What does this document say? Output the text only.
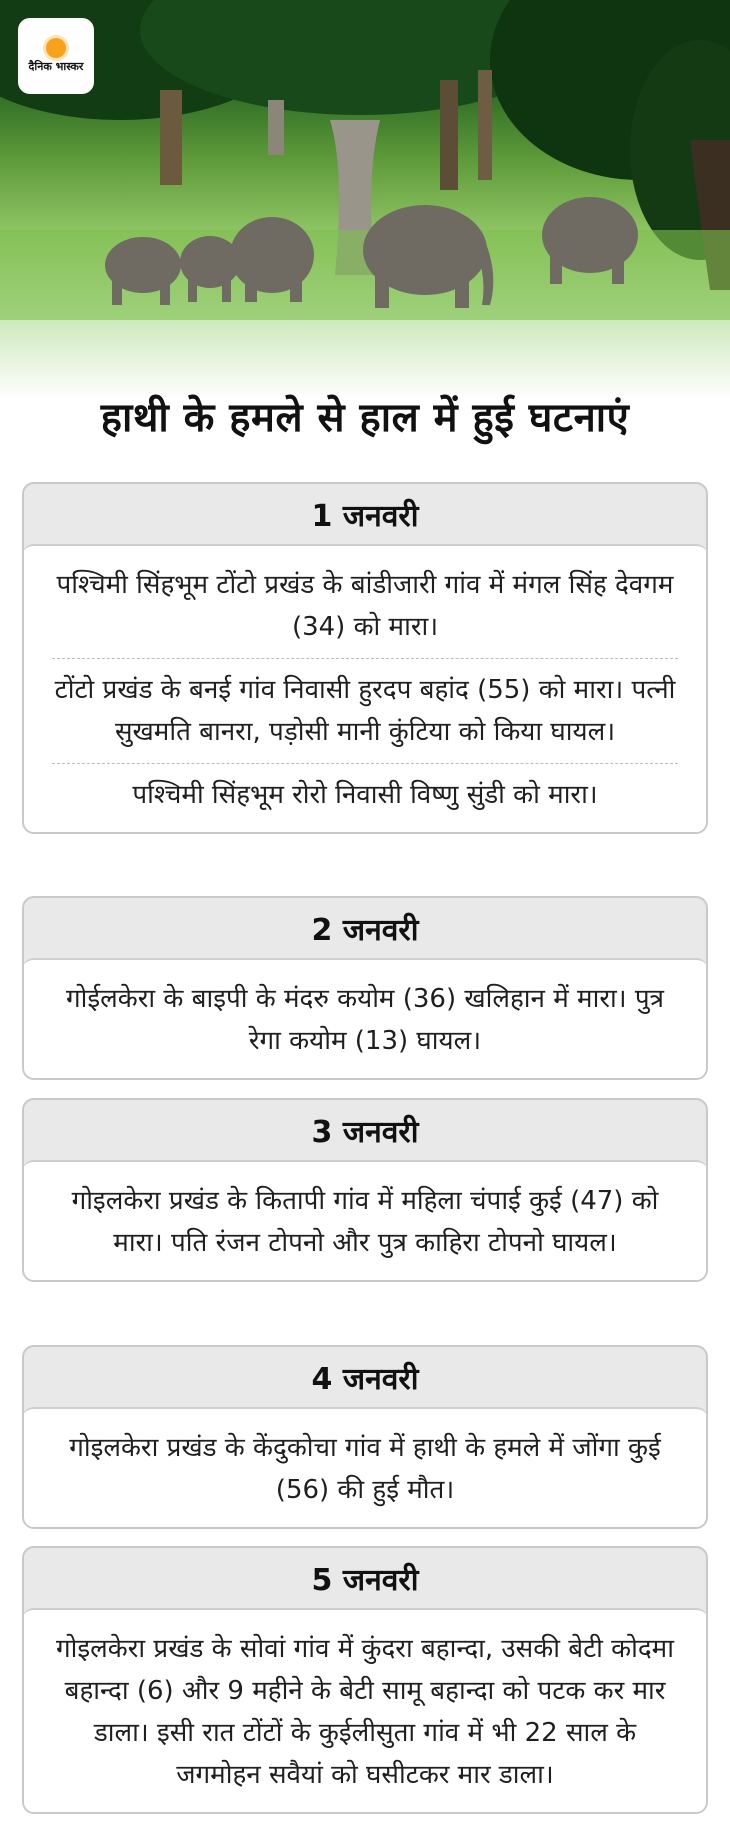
दैनिक भास्कर
हाथी के हमले से हाल में हुई घटनाएं
1 जनवरी
पश्चिमी सिंहभूम टोंटो प्रखंड के बांडीजारी गांव में मंगल सिंह देवगम (34) को मारा।
टोंटो प्रखंड के बनई गांव निवासी हुरदप बहांद (55) को मारा। पत्नी सुखमति बानरा, पड़ोसी मानी कुंटिया को किया घायल।
पश्चिमी सिंहभूम रोरो निवासी विष्णु सुंडी को मारा।
2 जनवरी
गोईलकेरा के बाइपी के मंदरु कयोम (36) खलिहान में मारा। पुत्र रेगा कयोम (13) घायल।
3 जनवरी
गोइलकेरा प्रखंड के कितापी गांव में महिला चंपाई कुई (47) को मारा। पति रंजन टोपनो और पुत्र काहिरा टोपनो घायल।
4 जनवरी
गोइलकेरा प्रखंड के केंदुकोचा गांव में हाथी के हमले में जोंगा कुई (56) की हुई मौत।
5 जनवरी
गोइलकेरा प्रखंड के सोवां गांव में कुंदरा बहान्दा, उसकी बेटी कोदमा बहान्दा (6) और 9 महीने के बेटी सामू बहान्दा को पटक कर मार डाला। इसी रात टोंटों के कुईलीसुता गांव में भी 22 साल के जगमोहन सवैयां को घसीटकर मार डाला।
